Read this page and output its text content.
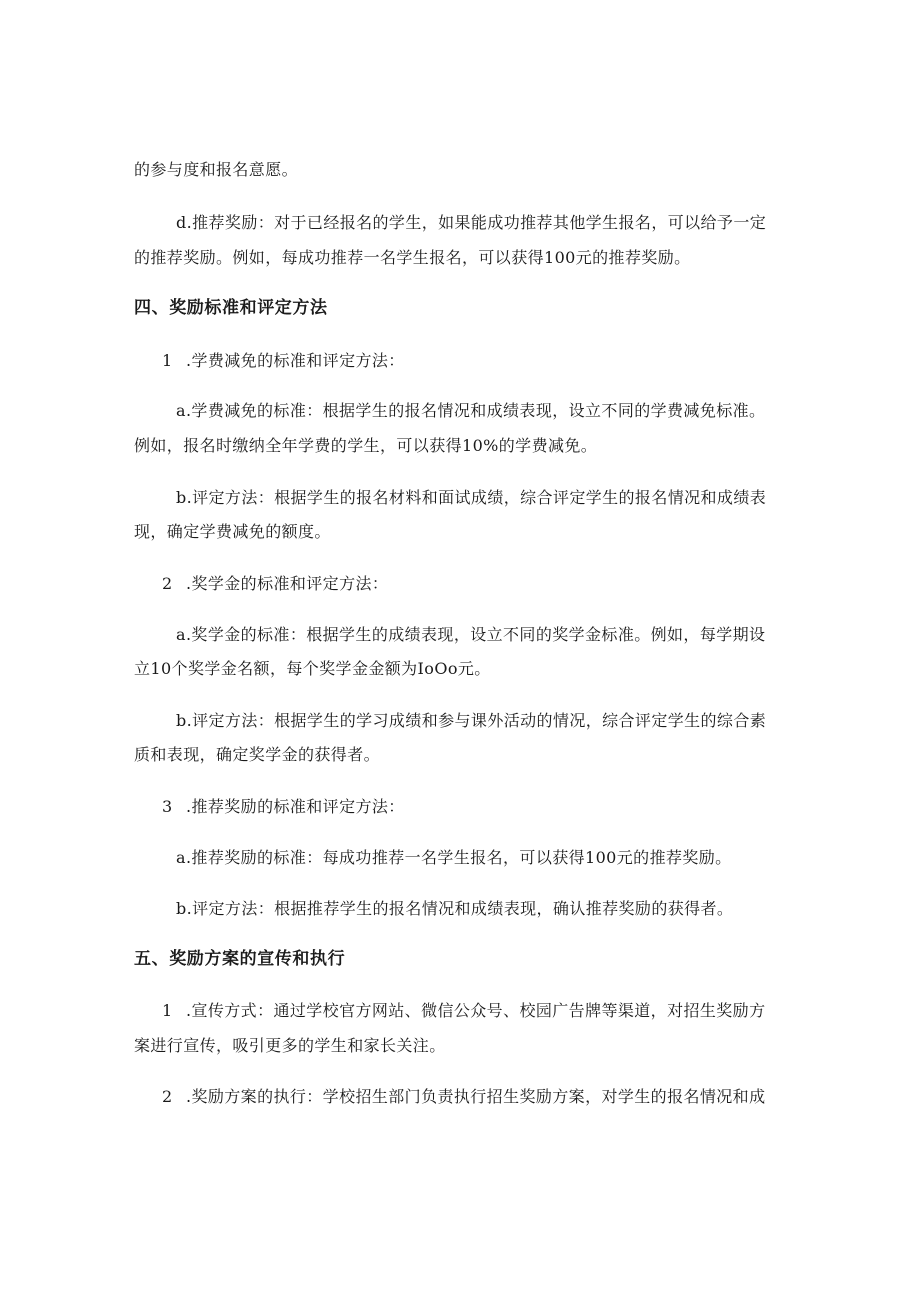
的参与度和报名意愿。

d.推荐奖励：对于已经报名的学生，如果能成功推荐其他学生报名，可以给予一定

的推荐奖励。例如，每成功推荐一名学生报名，可以获得100元的推荐奖励。

四、奖励标准和评定方法

1 .学费减免的标准和评定方法：

a.学费减免的标准：根据学生的报名情况和成绩表现，设立不同的学费减免标准。

例如，报名时缴纳全年学费的学生，可以获得10%的学费减免。

b.评定方法：根据学生的报名材料和面试成绩，综合评定学生的报名情况和成绩表

现，确定学费减免的额度。

2 .奖学金的标准和评定方法：

a.奖学金的标准：根据学生的成绩表现，设立不同的奖学金标准。例如，每学期设

立10个奖学金名额，每个奖学金金额为IoOo元。

b.评定方法：根据学生的学习成绩和参与课外活动的情况，综合评定学生的综合素

质和表现，确定奖学金的获得者。

3 .推荐奖励的标准和评定方法：

a.推荐奖励的标准：每成功推荐一名学生报名，可以获得100元的推荐奖励。

b.评定方法：根据推荐学生的报名情况和成绩表现，确认推荐奖励的获得者。

五、奖励方案的宣传和执行

1 .宣传方式：通过学校官方网站、微信公众号、校园广告牌等渠道，对招生奖励方

案进行宣传，吸引更多的学生和家长关注。

2 .奖励方案的执行：学校招生部门负责执行招生奖励方案，对学生的报名情况和成
